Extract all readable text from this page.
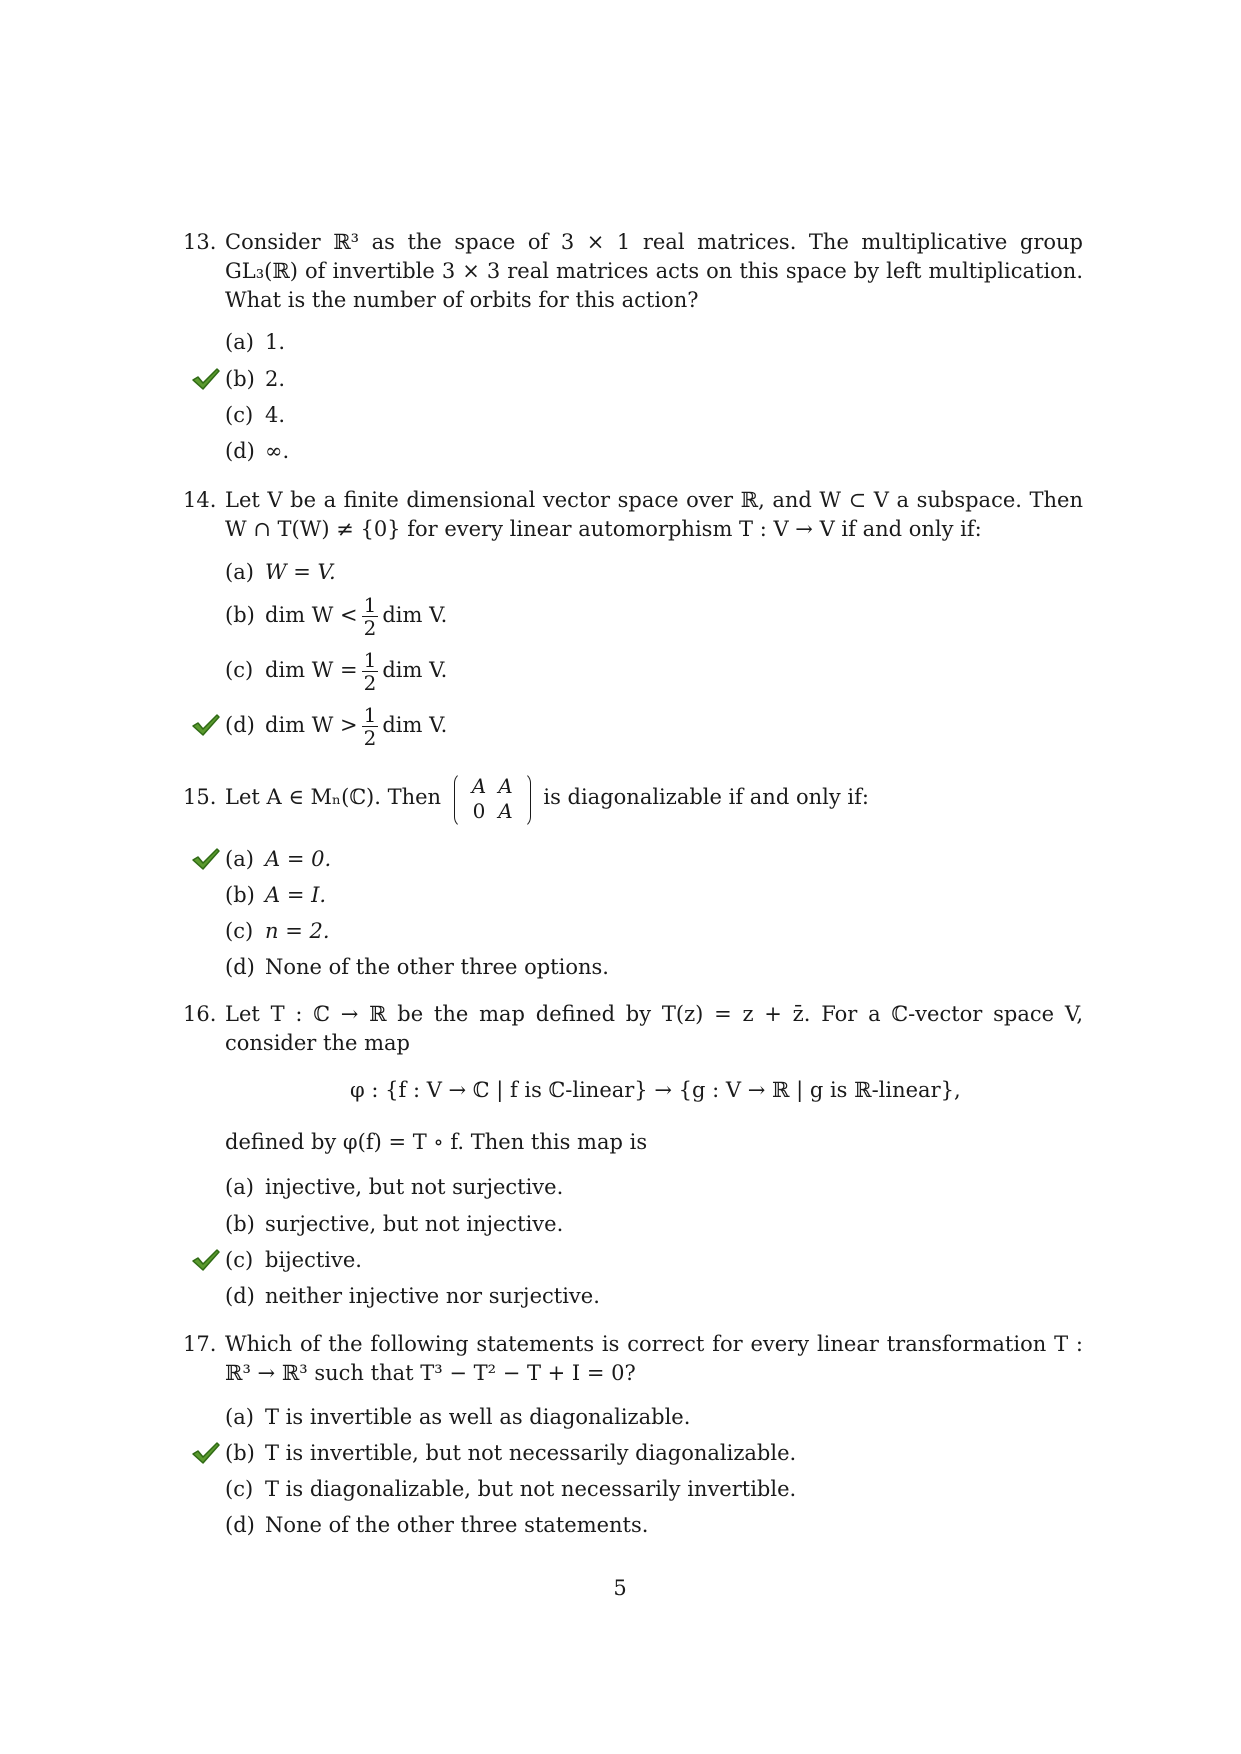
13. Consider ℝ³ as the space of 3 × 1 real matrices. The multiplicative group GL₃(ℝ) of invertible 3 × 3 real matrices acts on this space by left multiplication. What is the number of orbits for this action?
(a) 1.
(b) 2.
(c) 4.
(d) ∞.
14. Let V be a finite dimensional vector space over ℝ, and W ⊂ V a subspace. Then W ∩ T(W) ≠ {0} for every linear automorphism T : V → V if and only if:
(a) W = V.
(b) dim $W < \frac{1}{2}$ dim V.
(c) dim $W = \frac{1}{2}$ dim V.
(d) dim $W > \frac{1}{2}$ dim V.
15. Let A ∈ Mₙ(ℂ). Then A	A
0	A
is diagonalizable if and only if:
(a) A = 0.
(b) A = I.
(c) n = 2.
(d) None of the other three options.
16. Let T : ℂ → ℝ be the map defined by T(z) = z + z̄. For a ℂ-vector space V, consider the map
φ : {f : V → ℂ | f is ℂ-linear} → {g : V → ℝ | g is ℝ-linear},
defined by φ(f) = T ∘ f. Then this map is
(a) injective, but not surjective.
(b) surjective, but not injective.
(c) bijective.
(d) neither injective nor surjective.
17. Which of the following statements is correct for every linear transformation T : ℝ³ → ℝ³ such that T³ − T² − T + I = 0?
(a) T is invertible as well as diagonalizable.
(b) T is invertible, but not necessarily diagonalizable.
(c) T is diagonalizable, but not necessarily invertible.
(d) None of the other three statements.
5
